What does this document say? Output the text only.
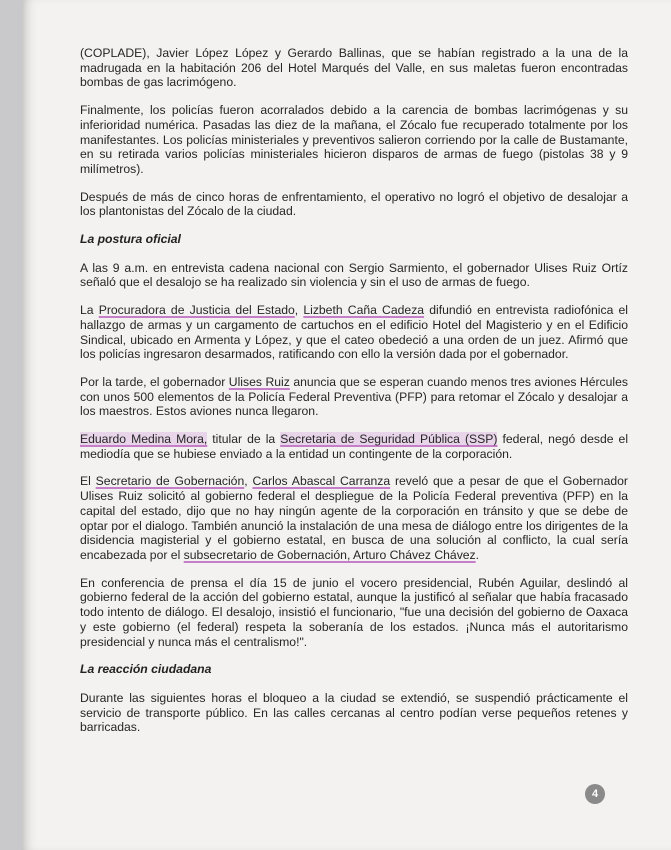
(COPLADE), Javier López López y Gerardo Ballinas, que se habían registrado a la una de la madrugada en la habitación 206 del Hotel Marqués del Valle, en sus maletas fueron encontradas bombas de gas lacrimógeno.

Finalmente, los policías fueron acorralados debido a la carencia de bombas lacrimógenas y su inferioridad numérica. Pasadas las diez de la mañana, el Zócalo fue recuperado totalmente por los manifestantes. Los policías ministeriales y preventivos salieron corriendo por la calle de Bustamante, en su retirada varios policías ministeriales hicieron disparos de armas de fuego (pistolas 38 y 9 milímetros).

Después de más de cinco horas de enfrentamiento, el operativo no logró el objetivo de desalojar a los plantonistas del Zócalo de la ciudad.

La postura oficial

A las 9 a.m. en entrevista cadena nacional con Sergio Sarmiento, el gobernador Ulises Ruiz Ortíz señaló que el desalojo se ha realizado sin violencia y sin el uso de armas de fuego.

La Procuradora de Justicia del Estado, Lizbeth Caña Cadeza difundió en entrevista radiofónica el hallazgo de armas y un cargamento de cartuchos en el edificio Hotel del Magisterio y en el Edificio Sindical, ubicado en Armenta y López, y que el cateo obedeció a una orden de un juez. Afirmó que los policías ingresaron desarmados, ratificando con ello la versión dada por el gobernador.

Por la tarde, el gobernador Ulises Ruiz anuncia que se esperan cuando menos tres aviones Hércules con unos 500 elementos de la Policía Federal Preventiva (PFP) para retomar el Zócalo y desalojar a los maestros. Estos aviones nunca llegaron.

Eduardo Medina Mora, titular de la Secretaria de Seguridad Pública (SSP) federal, negó desde el mediodía que se hubiese enviado a la entidad un contingente de la corporación.

El Secretario de Gobernación, Carlos Abascal Carranza reveló que a pesar de que el Gobernador Ulises Ruiz solicitó al gobierno federal el despliegue de la Policía Federal preventiva (PFP) en la capital del estado, dijo que no hay ningún agente de la corporación en tránsito y que se debe de optar por el dialogo. También anunció la instalación de una mesa de diálogo entre los dirigentes de la disidencia magisterial y el gobierno estatal, en busca de una solución al conflicto, la cual sería encabezada por el subsecretario de Gobernación, Arturo Chávez Chávez.

En conferencia de prensa el día 15 de junio el vocero presidencial, Rubén Aguilar, deslindó al gobierno federal de la acción del gobierno estatal, aunque la justificó al señalar que había fracasado todo intento de diálogo. El desalojo, insistió el funcionario, "fue una decisión del gobierno de Oaxaca y este gobierno (el federal) respeta la soberanía de los estados. ¡Nunca más el autoritarismo presidencial y nunca más el centralismo!".

La reacción ciudadana

Durante las siguientes horas el bloqueo a la ciudad se extendió, se suspendió prácticamente el servicio de transporte público. En las calles cercanas al centro podían verse pequeños retenes y barricadas.

4
